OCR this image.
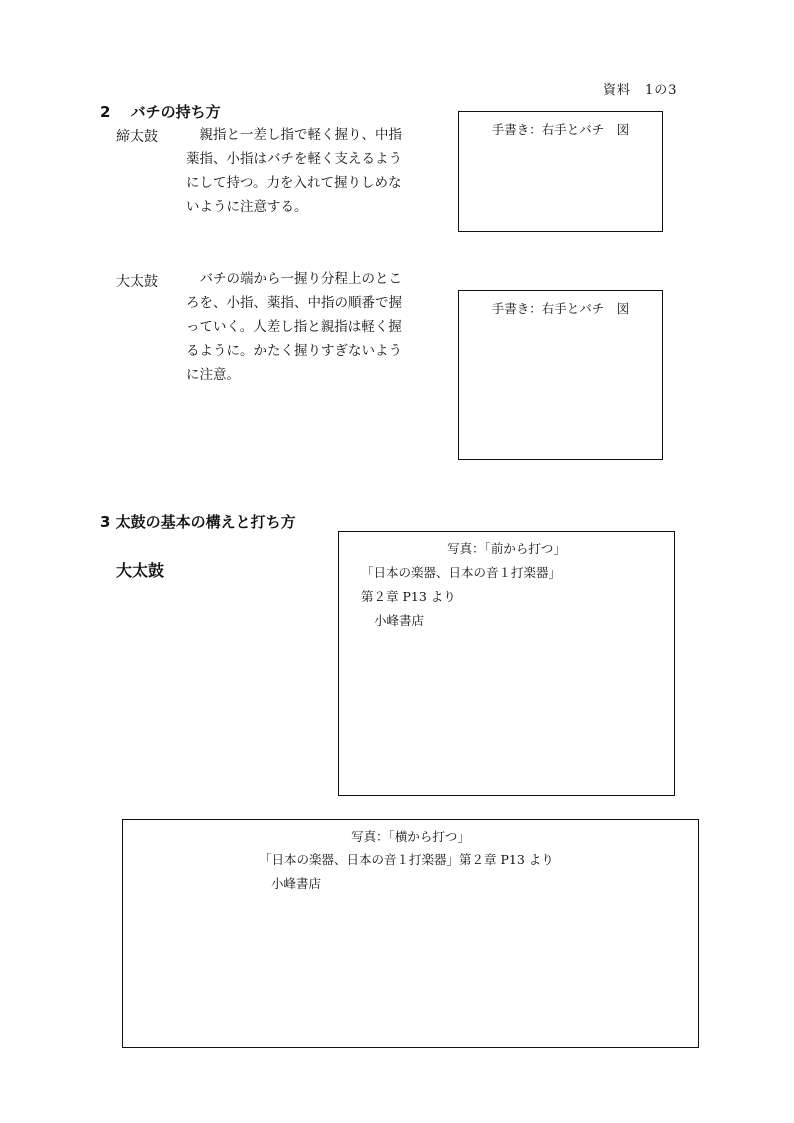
資料　1の3
2　 バチの持ち方
締太鼓	親指と一差し指で軽く握り、中指薬指、小指はバチを軽く支えるようにして持つ。力を入れて握りしめないように注意する。
手書き：右手とバチ　図
大太鼓	バチの端から一握り分程上のところを、小指、薬指、中指の順番で握っていく。人差し指と親指は軽く握るように。かたく握りすぎないように注意。
手書き：右手とバチ　図
3 太鼓の基本の構えと打ち方
大太鼓
写真：「前から打つ」
「日本の楽器、日本の音１打楽器」
第２章 P13 より
小峰書店
写真：「横から打つ」
「日本の楽器、日本の音１打楽器」第２章 P13 より
小峰書店
